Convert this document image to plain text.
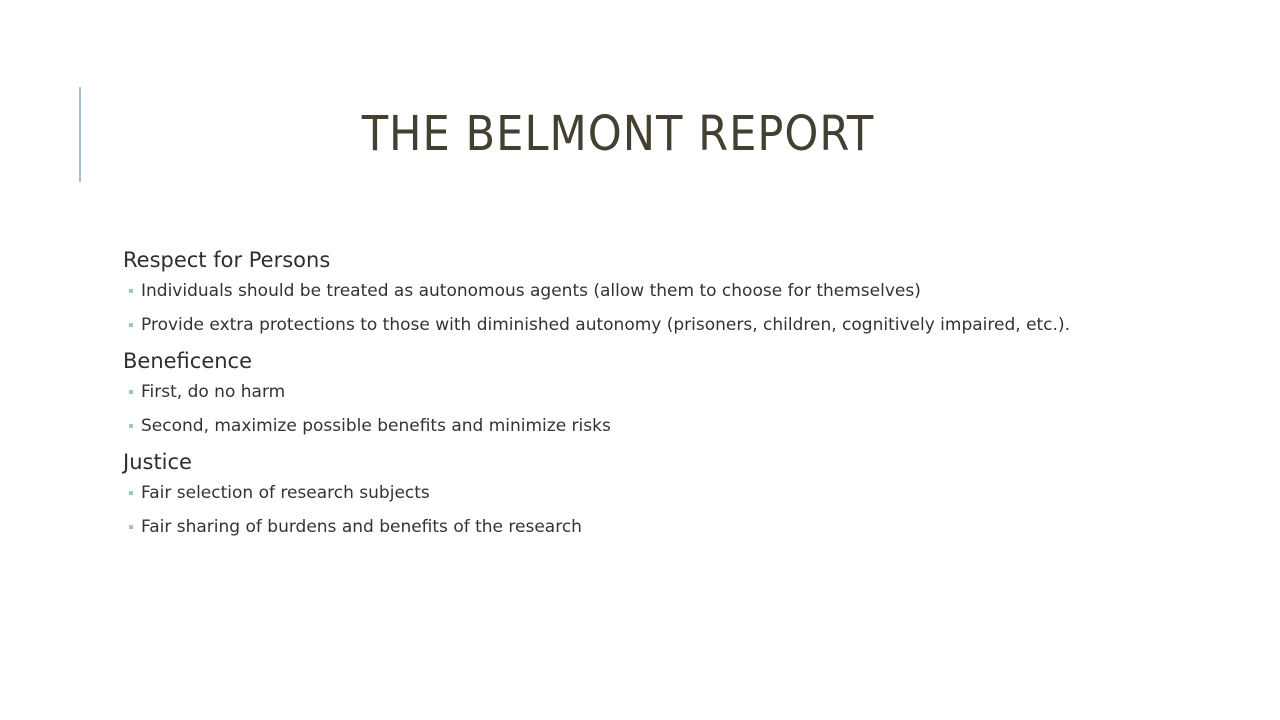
THE BELMONT REPORT
Respect for Persons
Individuals should be treated as autonomous agents (allow them to choose for themselves)
Provide extra protections to those with diminished autonomy (prisoners, children, cognitively impaired, etc.).
Beneficence
First, do no harm
Second, maximize possible benefits and minimize risks
Justice
Fair selection of research subjects
Fair sharing of burdens and benefits of the research
